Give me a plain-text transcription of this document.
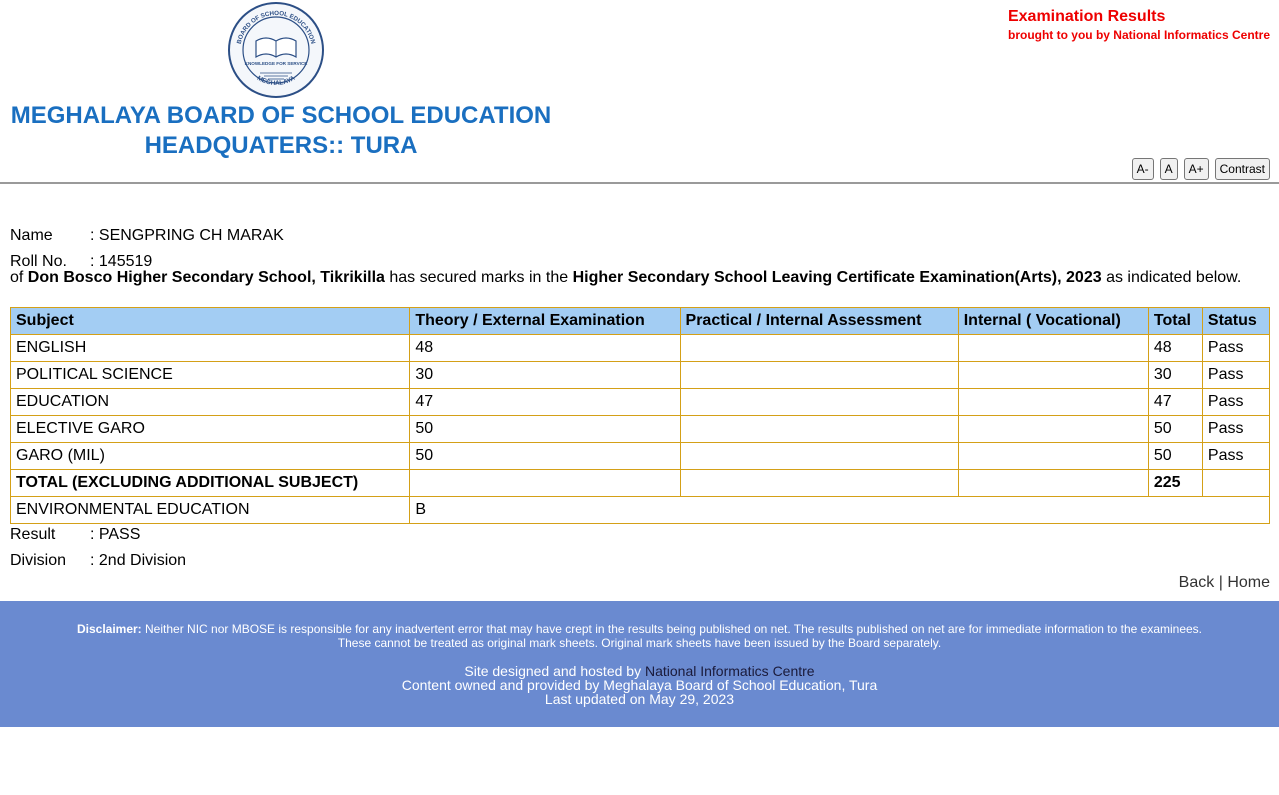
BOARD OF SCHOOL EDUCATION
KNOWLEDGE FOR SERVICE
MEGHALAYA
MEGHALAYA BOARD OF SCHOOL EDUCATION
HEADQUATERS:: TURA
Examination Results
brought to you by National Informatics Centre
A-	A	A+	Contrast
Name	: SENGPRING CH MARAK
Roll No.	: 145519
of Don Bosco Higher Secondary School, Tikrikilla has secured marks in the Higher Secondary School Leaving Certificate Examination(Arts), 2023 as indicated below.
Subject	Theory / External Examination	Practical / Internal Assessment	Internal ( Vocational)	Total	Status
ENGLISH	48			48	Pass
POLITICAL SCIENCE	30			30	Pass
EDUCATION	47			47	Pass
ELECTIVE GARO	50			50	Pass
GARO (MIL)	50			50	Pass
TOTAL (EXCLUDING ADDITIONAL SUBJECT)				225	
ENVIRONMENTAL EDUCATION	B				
Result	: PASS
Division	: 2nd Division
Back | Home
Disclaimer: Neither NIC nor MBOSE is responsible for any inadvertent error that may have crept in the results being published on net. The results published on net are for immediate information to the examinees.
These cannot be treated as original mark sheets. Original mark sheets have been issued by the Board separately.
Site designed and hosted by National Informatics Centre
Content owned and provided by Meghalaya Board of School Education, Tura
Last updated on May 29, 2023
